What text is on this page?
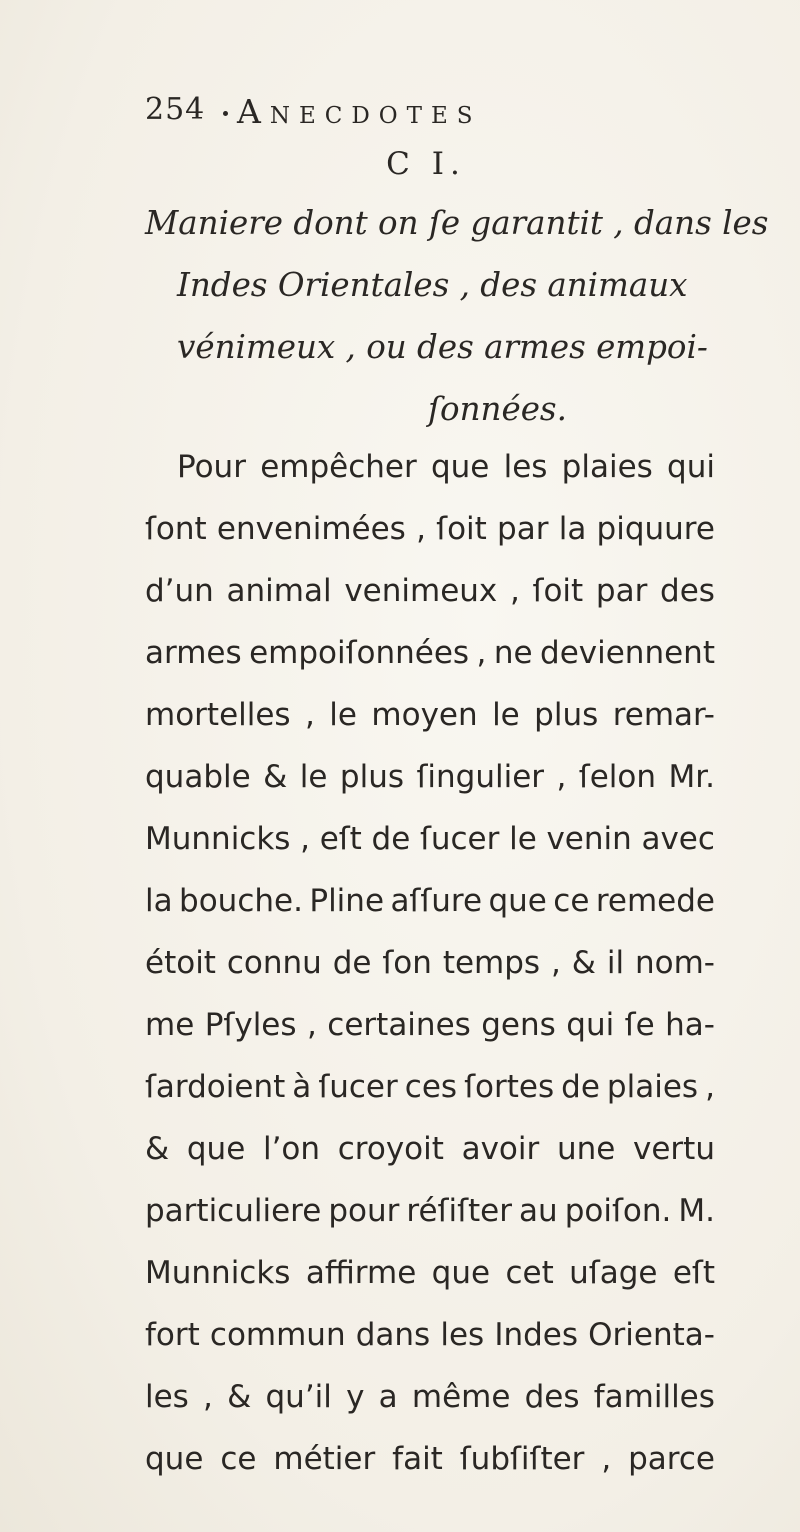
254 Anecdotes
C I.
Maniere dont on ſe garantit , dans les
Indes Orientales , des animaux
vénimeux , ou des armes empoi-
ſonnées.
Pour empêcher que les plaies qui
ſont envenimées , ſoit par la piquure
d’un animal venimeux , ſoit par des
armes empoiſonnées , ne deviennent
mortelles , le moyen le plus remar-
quable & le plus ſingulier , ſelon Mr.
Munnicks , eſt de ſucer le venin avec
la bouche. Pline aſſure que ce remede
étoit connu de ſon temps , & il nom-
me Pſyles , certaines gens qui ſe ha-
ſardoient à ſucer ces ſortes de plaies ,
& que l’on croyoit avoir une vertu
particuliere pour réſiſter au poiſon. M.
Munnicks affirme que cet uſage eſt
fort commun dans les Indes Orienta-
les , & qu’il y a même des familles
que ce métier fait ſubſiſter , parce
